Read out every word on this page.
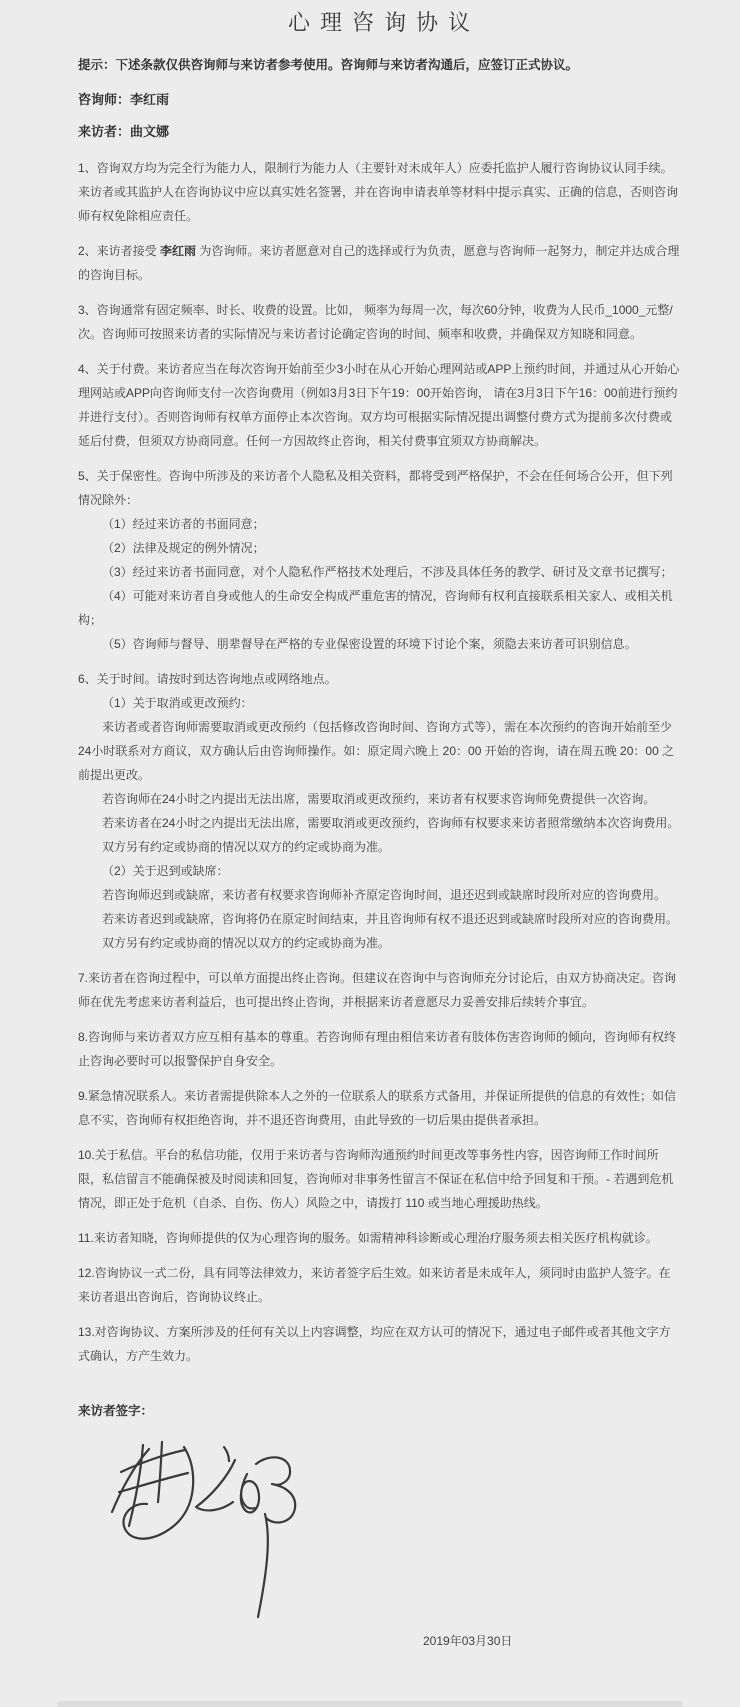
心理咨询协议

提示：下述条款仅供咨询师与来访者参考使用。咨询师与来访者沟通后，应签订正式协议。

咨询师：李红雨

来访者：曲文娜

1、咨询双方均为完全行为能力人，限制行为能力人（主要针对未成年人）应委托监护人履行咨询协议认同手续。来访者或其监护人在咨询协议中应以真实姓名签署，并在咨询申请表单等材料中提示真实、正确的信息，否则咨询师有权免除相应责任。

2、来访者接受 李红雨 为咨询师。来访者愿意对自己的选择或行为负责，愿意与咨询师一起努力，制定并达成合理的咨询目标。

3、咨询通常有固定频率、时长、收费的设置。比如， 频率为每周一次，每次60分钟，收费为人民币_1000_元整/次。咨询师可按照来访者的实际情况与来访者讨论确定咨询的时间、频率和收费，并确保双方知晓和同意。

4、关于付费。来访者应当在每次咨询开始前至少3小时在从心开始心理网站或APP上预约时间，并通过从心开始心理网站或APP向咨询师支付一次咨询费用（例如3月3日下午19：00开始咨询， 请在3月3日下午16：00前进行预约并进行支付）。否则咨询师有权单方面停止本次咨询。双方均可根据实际情况提出调整付费方式为提前多次付费或延后付费，但须双方协商同意。任何一方因故终止咨询，相关付费事宜须双方协商解决。

5、关于保密性。咨询中所涉及的来访者个人隐私及相关资料，都将受到严格保护，不会在任何场合公开，但下列情况除外：

（1）经过来访者的书面同意；

（2）法律及规定的例外情况；

（3）经过来访者书面同意，对个人隐私作严格技术处理后，不涉及具体任务的教学、研讨及文章书记撰写；

（4）可能对来访者自身或他人的生命安全构成严重危害的情况，咨询师有权利直接联系相关家人、或相关机构；

（5）咨询师与督导、朋辈督导在严格的专业保密设置的环境下讨论个案，须隐去来访者可识别信息。

6、关于时间。请按时到达咨询地点或网络地点。

（1）关于取消或更改预约：

来访者或者咨询师需要取消或更改预约（包括修改咨询时间、咨询方式等），需在本次预约的咨询开始前至少24小时联系对方商议，双方确认后由咨询师操作。如：原定周六晚上 20：00 开始的咨询，请在周五晚 20：00 之前提出更改。

若咨询师在24小时之内提出无法出席，需要取消或更改预约，来访者有权要求咨询师免费提供一次咨询。

若来访者在24小时之内提出无法出席，需要取消或更改预约，咨询师有权要求来访者照常缴纳本次咨询费用。

双方另有约定或协商的情况以双方的约定或协商为准。

（2）关于迟到或缺席：

若咨询师迟到或缺席，来访者有权要求咨询师补齐原定咨询时间，退还迟到或缺席时段所对应的咨询费用。

若来访者迟到或缺席，咨询将仍在原定时间结束，并且咨询师有权不退还迟到或缺席时段所对应的咨询费用。

双方另有约定或协商的情况以双方的约定或协商为准。

7.来访者在咨询过程中，可以单方面提出终止咨询。但建议在咨询中与咨询师充分讨论后，由双方协商决定。咨询师在优先考虑来访者利益后，也可提出终止咨询，并根据来访者意愿尽力妥善安排后续转介事宜。

8.咨询师与来访者双方应互相有基本的尊重。若咨询师有理由相信来访者有肢体伤害咨询师的倾向，咨询师有权终止咨询必要时可以报警保护自身安全。

9.紧急情况联系人。来访者需提供除本人之外的一位联系人的联系方式备用，并保证所提供的信息的有效性；如信息不实，咨询师有权拒绝咨询，并不退还咨询费用，由此导致的一切后果由提供者承担。

10.关于私信。平台的私信功能，仅用于来访者与咨询师沟通预约时间更改等事务性内容，因咨询师工作时间所限，私信留言不能确保被及时阅读和回复，咨询师对非事务性留言不保证在私信中给予回复和干预。- 若遇到危机情况，即正处于危机（自杀、自伤、伤人）风险之中，请拨打 110 或当地心理援助热线。

11.来访者知晓，咨询师提供的仅为心理咨询的服务。如需精神科诊断或心理治疗服务须去相关医疗机构就诊。

12.咨询协议一式二份，具有同等法律效力，来访者签字后生效。如来访者是未成年人，须同时由监护人签字。在来访者退出咨询后，咨询协议终止。

13.对咨询协议、方案所涉及的任何有关以上内容调整，均应在双方认可的情况下，通过电子邮件或者其他文字方式确认，方产生效力。

来访者签字：

2019年03月30日
